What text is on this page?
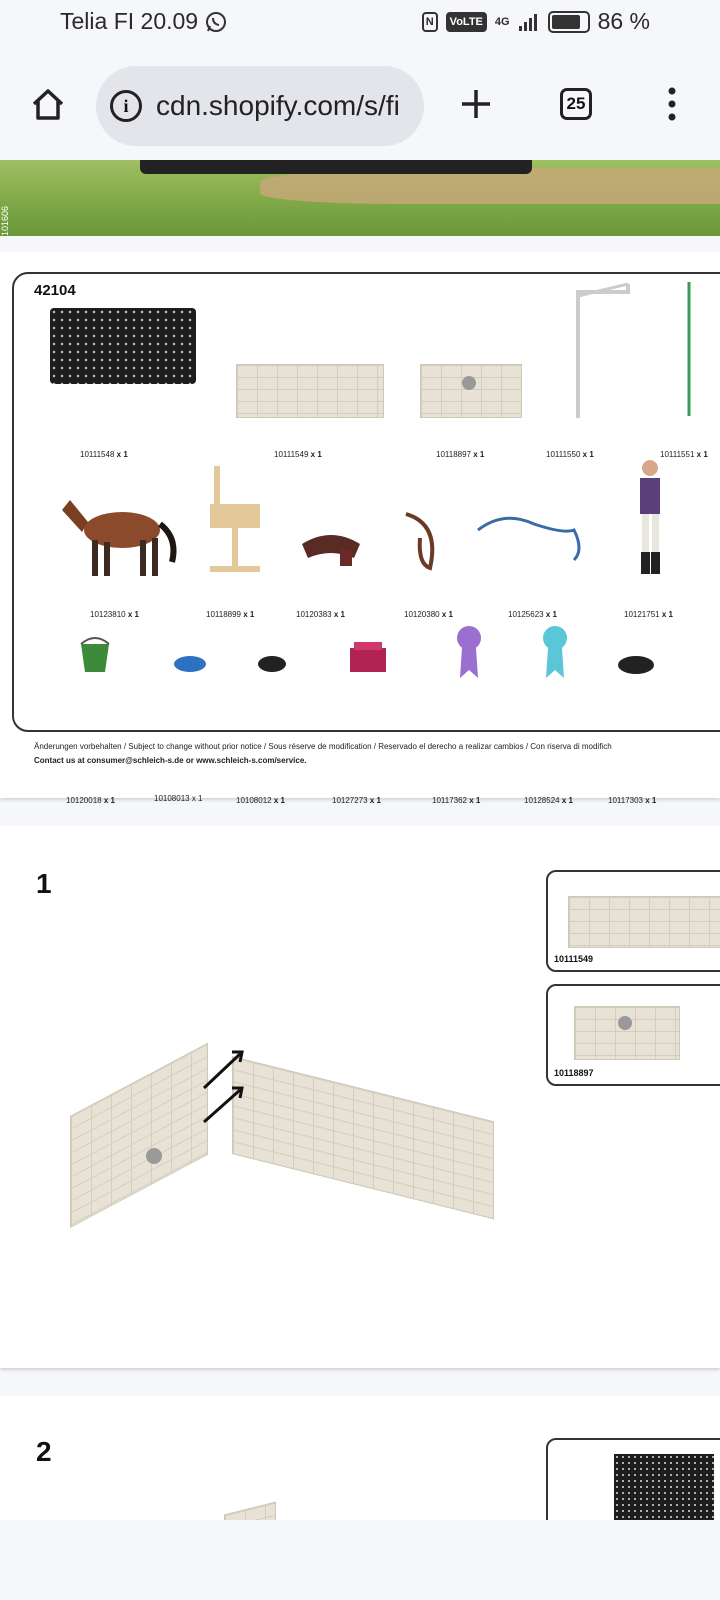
Telia FI 20.09	N	VoLTE	4G	86 %
i cdn.shopify.com/s/fi	25
101606
42104
10111548 x 1	10111549 x 1	10118897 x 1	10111550 x 1	10111551 x 1
10123810 x 1	10118899 x 1	10120383 x 1	10120380 x 1	10125623 x 1	10121751 x 1
10120018 x 1	10108013 x 1	10108012 x 1	10127273 x 1	10117362 x 1	10128524 x 1	10117303 x 1
Änderungen vorbehalten / Subject to change without prior notice / Sous réserve de modification / Reservado el derecho a realizar cambios / Con riserva di modifich
Contact us at consumer@schleich-s.de or www.schleich-s.com/service.
1
10111549
10118897
2
